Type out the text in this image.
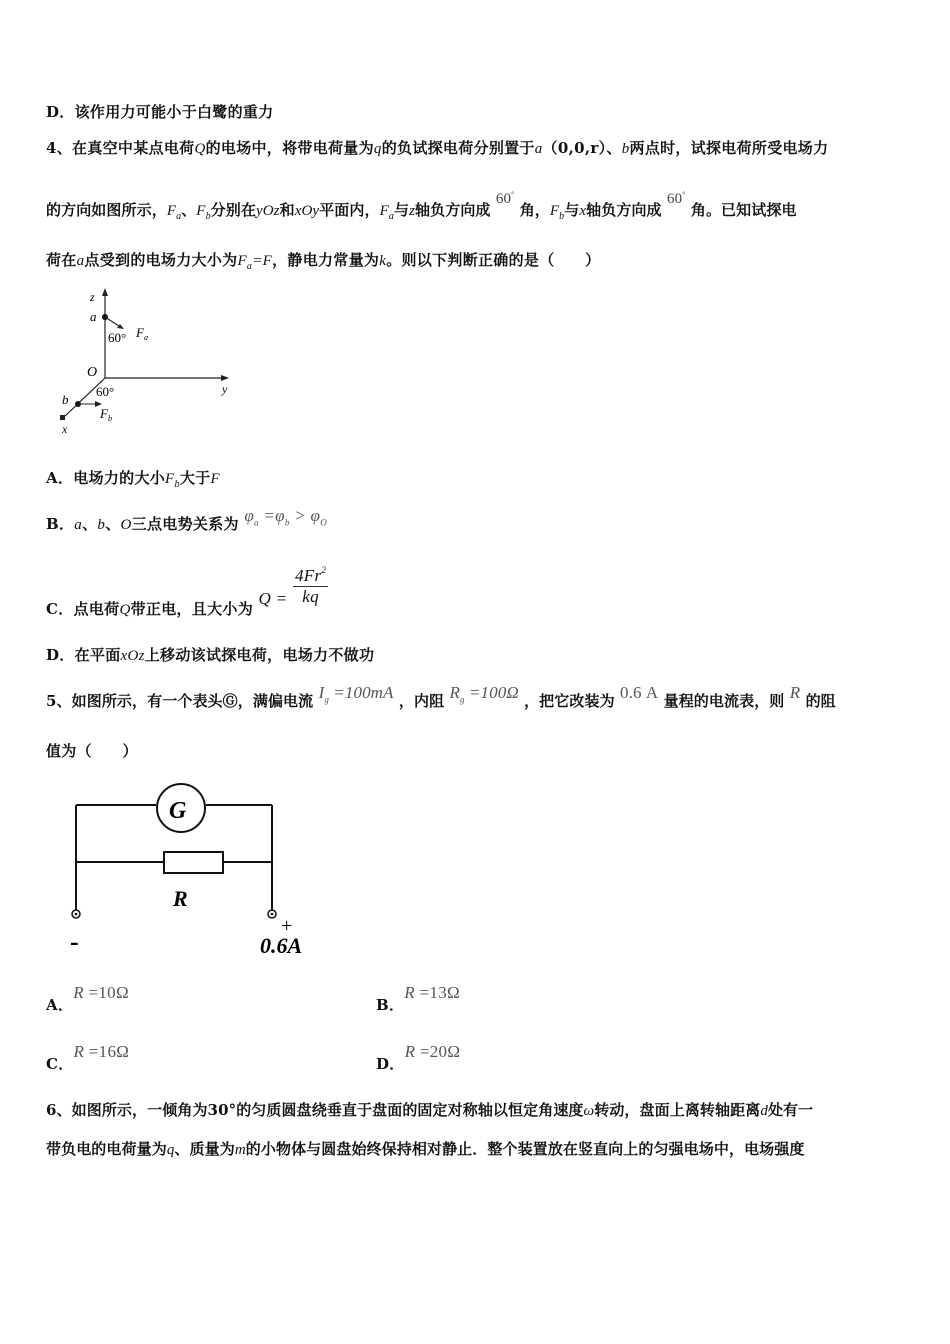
D．该作用力可能小于白鹭的重力
4、在真空中某点电荷Q的电场中，将带电荷量为q的负试探电荷分别置于a（0,0,r）、b两点时，试探电荷所受电场力
的方向如图所示，$F_a$、$F_b$分别在yOz和xOy平面内，$F_a$与z轴负方向成 60° 角，$F_b$与x轴负方向成 60° 角。已知试探电
荷在a点受到的电场力大小为$F_a=F$，静电力常量为k。则以下判断正确的是（　　）
z
a
60° F a
y
O
x
b
60°
F b
A．电场力的大小$F_b$大于F
B．a、b、O三点电势关系为 $\varphi_a =\varphi_b > \varphi_O$
C．点电荷Q带正电，且大小为 $Q = \frac{4Fr^2}{kq}$
D．在平面xOz上移动该试探电荷，电场力不做功
5、如图所示，有一个表头Ⓖ，满偏电流 $I_g =100mA$ ，内阻 $R_g =100\Omega$ ，把它改装为 0.6 A 量程的电流表，则 R 的阻
值为（　　）
G
R
-
+
0.6A
A．R =10Ω
B．R =13Ω
C．R =16Ω
D．R =20Ω
6、如图所示，一倾角为30°的匀质圆盘绕垂直于盘面的固定对称轴以恒定角速度ω转动，盘面上离转轴距离d处有一
带负电的电荷量为q、质量为m的小物体与圆盘始终保持相对静止．整个装置放在竖直向上的匀强电场中，电场强度
